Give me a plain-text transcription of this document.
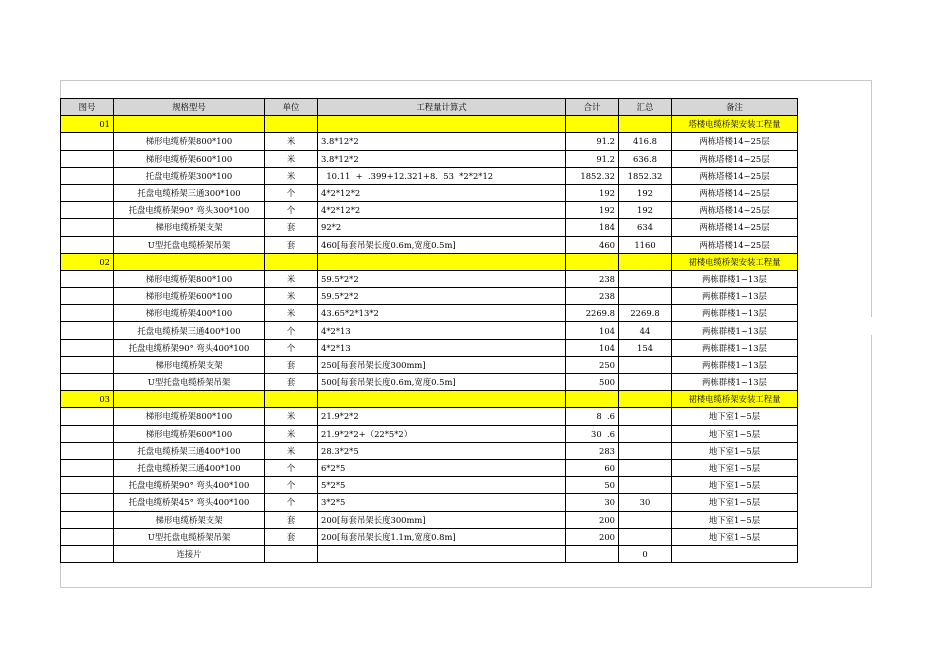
图号	规格型号	单位	工程量计算式	合计	汇总	备注
01						塔楼电缆桥架安装工程量
	梯形电缆桥架800*100	米	3.8*12*2	91.2	416.8	两栋塔楼14~25层
	梯形电缆桥架600*100	米	3.8*12*2	91.2	636.8	两栋塔楼14~25层
	托盘电缆桥架300*100	米	10.11  +  .399+12.321+8.  53  *2*2*12	1852.32	1852.32	两栋塔楼14~25层
	托盘电缆桥架三通300*100	个	4*2*12*2	192	192	两栋塔楼14~25层
	托盘电缆桥架90° 弯头300*100	个	4*2*12*2	192	192	两栋塔楼14~25层
	梯形电缆桥架支架	套	92*2	184	634	两栋塔楼14~25层
	U型托盘电缆桥架吊架	套	460[每套吊架长度0.6m,宽度0.5m]	460	1160	两栋塔楼14~25层
02						裙楼电缆桥架安装工程量
	梯形电缆桥架800*100	米	59.5*2*2	238		两栋群楼1~13层
	梯形电缆桥架600*100	米	59.5*2*2	238		两栋群楼1~13层
	梯形电缆桥架400*100	米	43.65*2*13*2	2269.8	2269.8	两栋群楼1~13层
	托盘电缆桥架三通400*100	个	4*2*13	104	44	两栋群楼1~13层
	托盘电缆桥架90° 弯头400*100	个	4*2*13	104	154	两栋群楼1~13层
	梯形电缆桥架支架	套	250[每套吊架长度300mm]	250		两栋群楼1~13层
	U型托盘电缆桥架吊架	套	500[每套吊架长度0.6m,宽度0.5m]	500		两栋群楼1~13层
03						裙楼电缆桥架安装工程量
	梯形电缆桥架800*100	米	21.9*2*2	8  .6		地下室1~5层
	梯形电缆桥架600*100	米	21.9*2*2+（22*5*2）	30  .6		地下室1~5层
	托盘电缆桥架三通400*100	米	28.3*2*5	283		地下室1~5层
	托盘电缆桥架三通400*100	个	6*2*5	60		地下室1~5层
	托盘电缆桥架90° 弯头400*100	个	5*2*5	50		地下室1~5层
	托盘电缆桥架45° 弯头400*100	个	3*2*5	30	30	地下室1~5层
	梯形电缆桥架支架	套	200[每套吊架长度300mm]	200		地下室1~5层
	U型托盘电缆桥架吊架	套	200[每套吊架长度1.1m,宽度0.8m]	200		地下室1~5层
	连接片				0	
